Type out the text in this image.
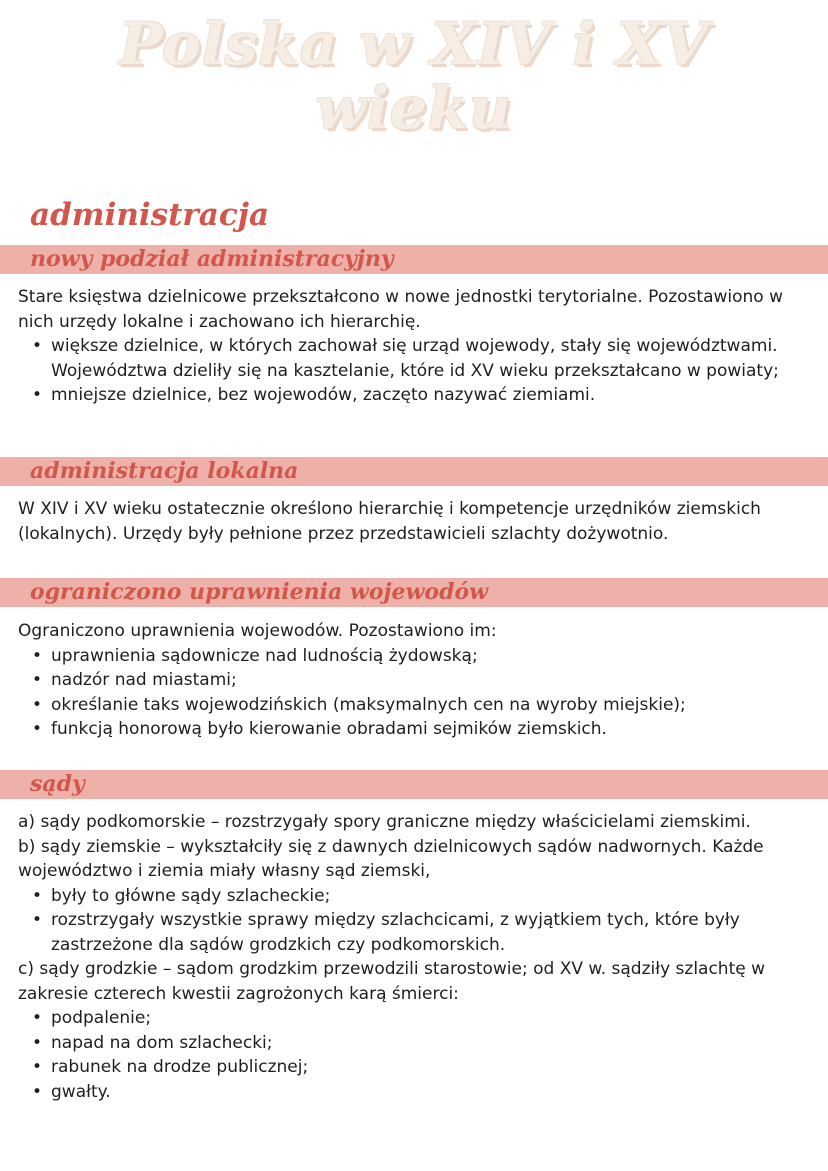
Polska w XIV i XV
wieku
administracja
nowy podział administracyjny

Stare księstwa dzielnicowe przekształcono w nowe jednostki terytorialne. Pozostawiono w nich urzędy lokalne i zachowano ich hierarchię.

• większe dzielnice, w których zachował się urząd wojewody, stały się województwami. Województwa dzieliły się na kasztelanie, które id XV wieku przekształcano w powiaty;
• mniejsze dzielnice, bez wojewodów, zaczęto nazywać ziemiami.
administracja lokalna

W XIV i XV wieku ostatecznie określono hierarchię i kompetencje urzędników ziemskich (lokalnych). Urzędy były pełnione przez przedstawicieli szlachty dożywotnio.

ograniczono uprawnienia wojewodów

Ograniczono uprawnienia wojewodów. Pozostawiono im:

• uprawnienia sądownicze nad ludnością żydowską;
• nadzór nad miastami;
• określanie taks wojewodzińskich (maksymalnych cen na wyroby miejskie);
• funkcją honorową było kierowanie obradami sejmików ziemskich.
sądy

a) sądy podkomorskie – rozstrzygały spory graniczne między właścicielami ziemskimi.

b) sądy ziemskie – wykształciły się z dawnych dzielnicowych sądów nadwornych. Każde województwo i ziemia miały własny sąd ziemski,

• były to główne sądy szlacheckie;
• rozstrzygały wszystkie sprawy między szlachcicami, z wyjątkiem tych, które były zastrzeżone dla sądów grodzkich czy podkomorskich.

c) sądy grodzkie – sądom grodzkim przewodzili starostowie; od XV w. sądziły szlachtę w zakresie czterech kwestii zagrożonych karą śmierci:

• podpalenie;
• napad na dom szlachecki;
• rabunek na drodze publicznej;
• gwałty.
